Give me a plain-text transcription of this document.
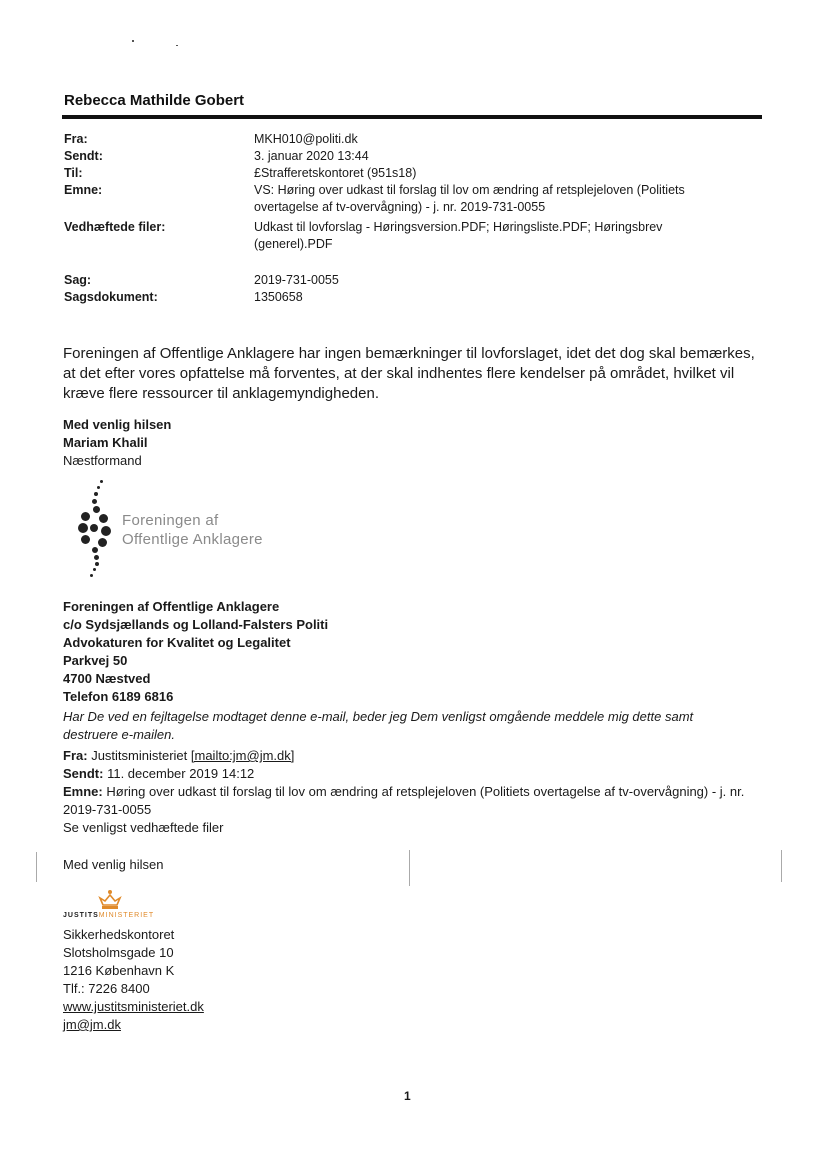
Rebecca Mathilde Gobert
Fra:	MKH010@politi.dk
Sendt:	3. januar 2020 13:44
Til:	£Strafferetskontoret (951s18)
Emne:	VS: Høring over udkast til forslag til lov om ændring af retsplejeloven (Politiets overtagelse af tv-overvågning) - j. nr. 2019-731-0055
Vedhæftede filer:	Udkast til lovforslag - Høringsversion.PDF; Høringsliste.PDF; Høringsbrev (generel).PDF
Sag:	2019-731-0055
Sagsdokument:	1350658
Foreningen af Offentlige Anklagere har ingen bemærkninger til lovforslaget, idet det dog skal bemærkes, at det efter vores opfattelse må forventes, at der skal indhentes flere kendelser på området, hvilket vil kræve flere ressourcer til anklagemyndigheden.
Med venlig hilsen
Mariam Khalil
Næstformand
Foreningen af
Offentlige Anklagere
Foreningen af Offentlige Anklagere
c/o Sydsjællands og Lolland-Falsters Politi
Advokaturen for Kvalitet og Legalitet
Parkvej 50
4700 Næstved
Telefon 6189 6816
Har De ved en fejltagelse modtaget denne e-mail, beder jeg Dem venligst omgående meddele mig dette samt destruere e-mailen.
Fra: Justitsministeriet [mailto:jm@jm.dk]
Sendt: 11. december 2019 14:12
Emne: Høring over udkast til forslag til lov om ændring af retsplejeloven (Politiets overtagelse af tv-overvågning) - j. nr. 2019-731-0055
Se venligst vedhæftede filer
Med venlig hilsen
JUSTITSMINISTERIET
Sikkerhedskontoret
Slotsholmsgade 10
1216 København K
Tlf.: 7226 8400
www.justitsministeriet.dk
jm@jm.dk
1
